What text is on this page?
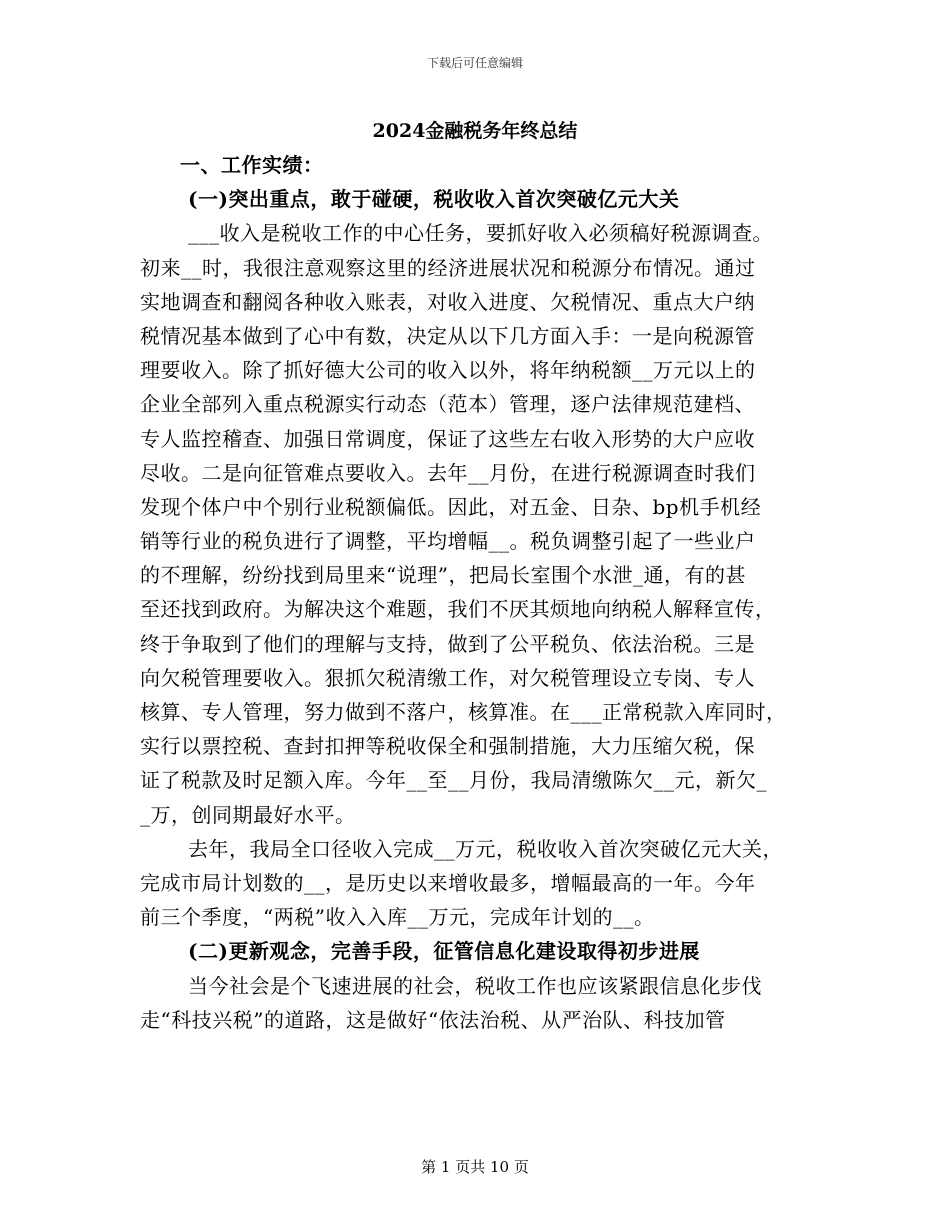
下载后可任意编辑
2024金融税务年终总结
一、工作实绩：
(一)突出重点，敢于碰硬，税收收入首次突破亿元大关
___收入是税收工作的中心任务，要抓好收入必须稿好税源调查。
初来__时，我很注意观察这里的经济进展状况和税源分布情况。通过
实地调查和翻阅各种收入账表，对收入进度、欠税情况、重点大户纳
税情况基本做到了心中有数，决定从以下几方面入手：一是向税源管
理要收入。除了抓好德大公司的收入以外，将年纳税额__万元以上的
企业全部列入重点税源实行动态（范本）管理，逐户法律规范建档、
专人监控稽查、加强日常调度，保证了这些左右收入形势的大户应收
尽收。二是向征管难点要收入。去年__月份，在进行税源调查时我们
发现个体户中个别行业税额偏低。因此，对五金、日杂、bp机手机经
销等行业的税负进行了调整，平均增幅__。税负调整引起了一些业户
的不理解，纷纷找到局里来“说理”，把局长室围个水泄_通，有的甚
至还找到政府。为解决这个难题，我们不厌其烦地向纳税人解释宣传，
终于争取到了他们的理解与支持，做到了公平税负、依法治税。三是
向欠税管理要收入。狠抓欠税清缴工作，对欠税管理设立专岗、专人
核算、专人管理，努力做到不落户，核算准。在___正常税款入库同时，
实行以票控税、查封扣押等税收保全和强制措施，大力压缩欠税，保
证了税款及时足额入库。今年__至__月份，我局清缴陈欠__元，新欠_
_万，创同期最好水平。
去年，我局全口径收入完成__万元，税收收入首次突破亿元大关，
完成市局计划数的__，是历史以来增收最多，增幅最高的一年。今年
前三个季度，“两税”收入入库__万元，完成年计划的__。
(二)更新观念，完善手段，征管信息化建设取得初步进展
当今社会是个飞速进展的社会，税收工作也应该紧跟信息化步伐
走“科技兴税”的道路，这是做好“依法治税、从严治队、科技加管
第 1 页共 10 页
